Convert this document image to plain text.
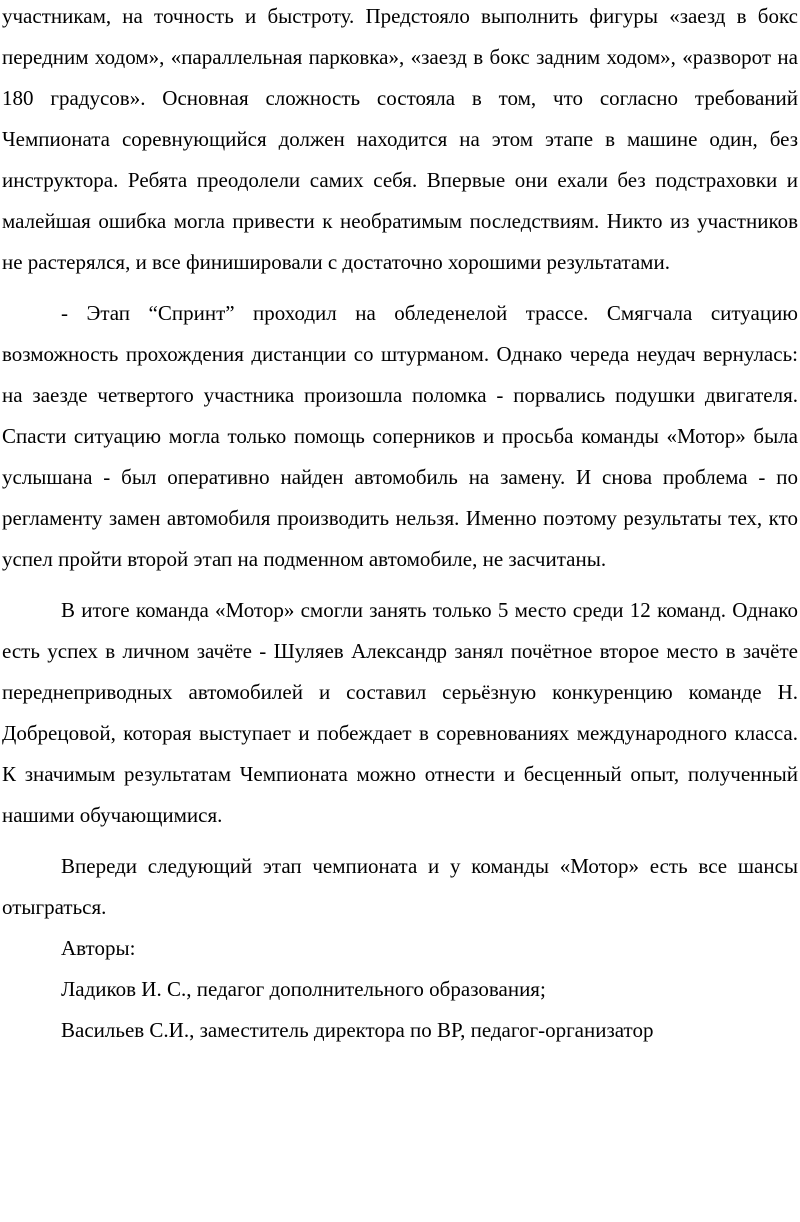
участникам, на точность и быстроту. Предстояло выполнить фигуры «заезд в бокс передним ходом», «параллельная парковка», «заезд в бокс задним ходом», «разворот на 180 градусов». Основная сложность состояла в том, что согласно требований Чемпионата соревнующийся должен находится на этом этапе в машине один, без инструктора. Ребята преодолели самих себя. Впервые они ехали без подстраховки и малейшая ошибка могла привести к необратимым последствиям. Никто из участников не растерялся, и все финишировали с достаточно хорошими результатами.

- Этап “Спринт” проходил на обледенелой трассе. Смягчала ситуацию возможность прохождения дистанции со штурманом. Однако череда неудач вернулась: на заезде четвертого участника произошла поломка - порвались подушки двигателя. Спасти ситуацию могла только помощь соперников и просьба команды «Мотор» была услышана - был оперативно найден автомобиль на замену. И снова проблема - по регламенту замен автомобиля производить нельзя. Именно поэтому результаты тех, кто успел пройти второй этап на подменном автомобиле, не засчитаны.

В итоге команда «Мотор» смогли занять только 5 место среди 12 команд. Однако есть успех в личном зачёте - Шуляев Александр занял почётное второе место в зачёте переднеприводных автомобилей и составил серьёзную конкуренцию команде Н. Добрецовой, которая выступает и побеждает в соревнованиях международного класса. К значимым результатам Чемпионата можно отнести и бесценный опыт, полученный нашими обучающимися.

Впереди следующий этап чемпионата и у команды «Мотор» есть все шансы отыграться.

Авторы:

Ладиков И. С., педагог дополнительного образования;

Васильев С.И., заместитель директора по ВР, педагог-организатор
